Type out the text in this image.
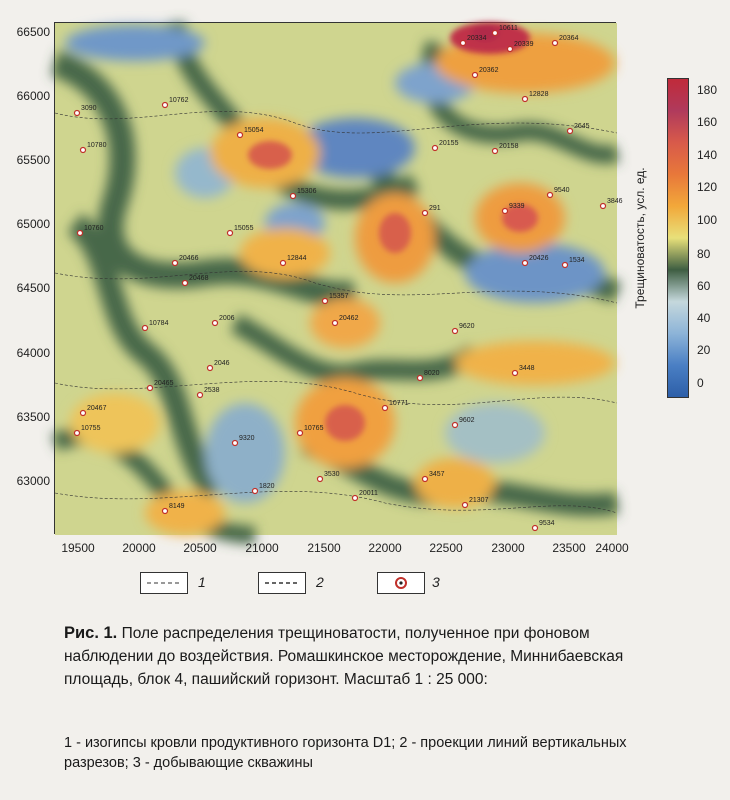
10611
20334
20339
20362
10762
12828
3090
15054
10780	20155	20158
2645
9540
3846
15306
10760	15055
291	9339
20426	1534
12844
20466
20468
10784
15357
20462
9620
2046
2538
20465
3448
8020
20467
10755
9320
9602
10771
10765
3530
1820
3457
20011
21307
8149
9534
20364
2006
66500
66000
65500
65000
64500
64000
63500
63000
19500 20000 20500 21000 21500 22000 22500 23000 23500 24000
180
160
140
120
100
80
60
40
20
0
Трещиноватость, усл. ед.
1	2	3
Рис. 1. Поле распределения трещиноватости, полученное при фоновом наблюдении до воздействия. Ромашкинское месторождение, Миннибаевская площадь, блок 4, пашийский горизонт. Масштаб 1 : 25 000:
1 - изогипсы кровли продуктивного горизонта D1; 2 - проекции линий вертикальных разрезов; 3 - добывающие скважины
